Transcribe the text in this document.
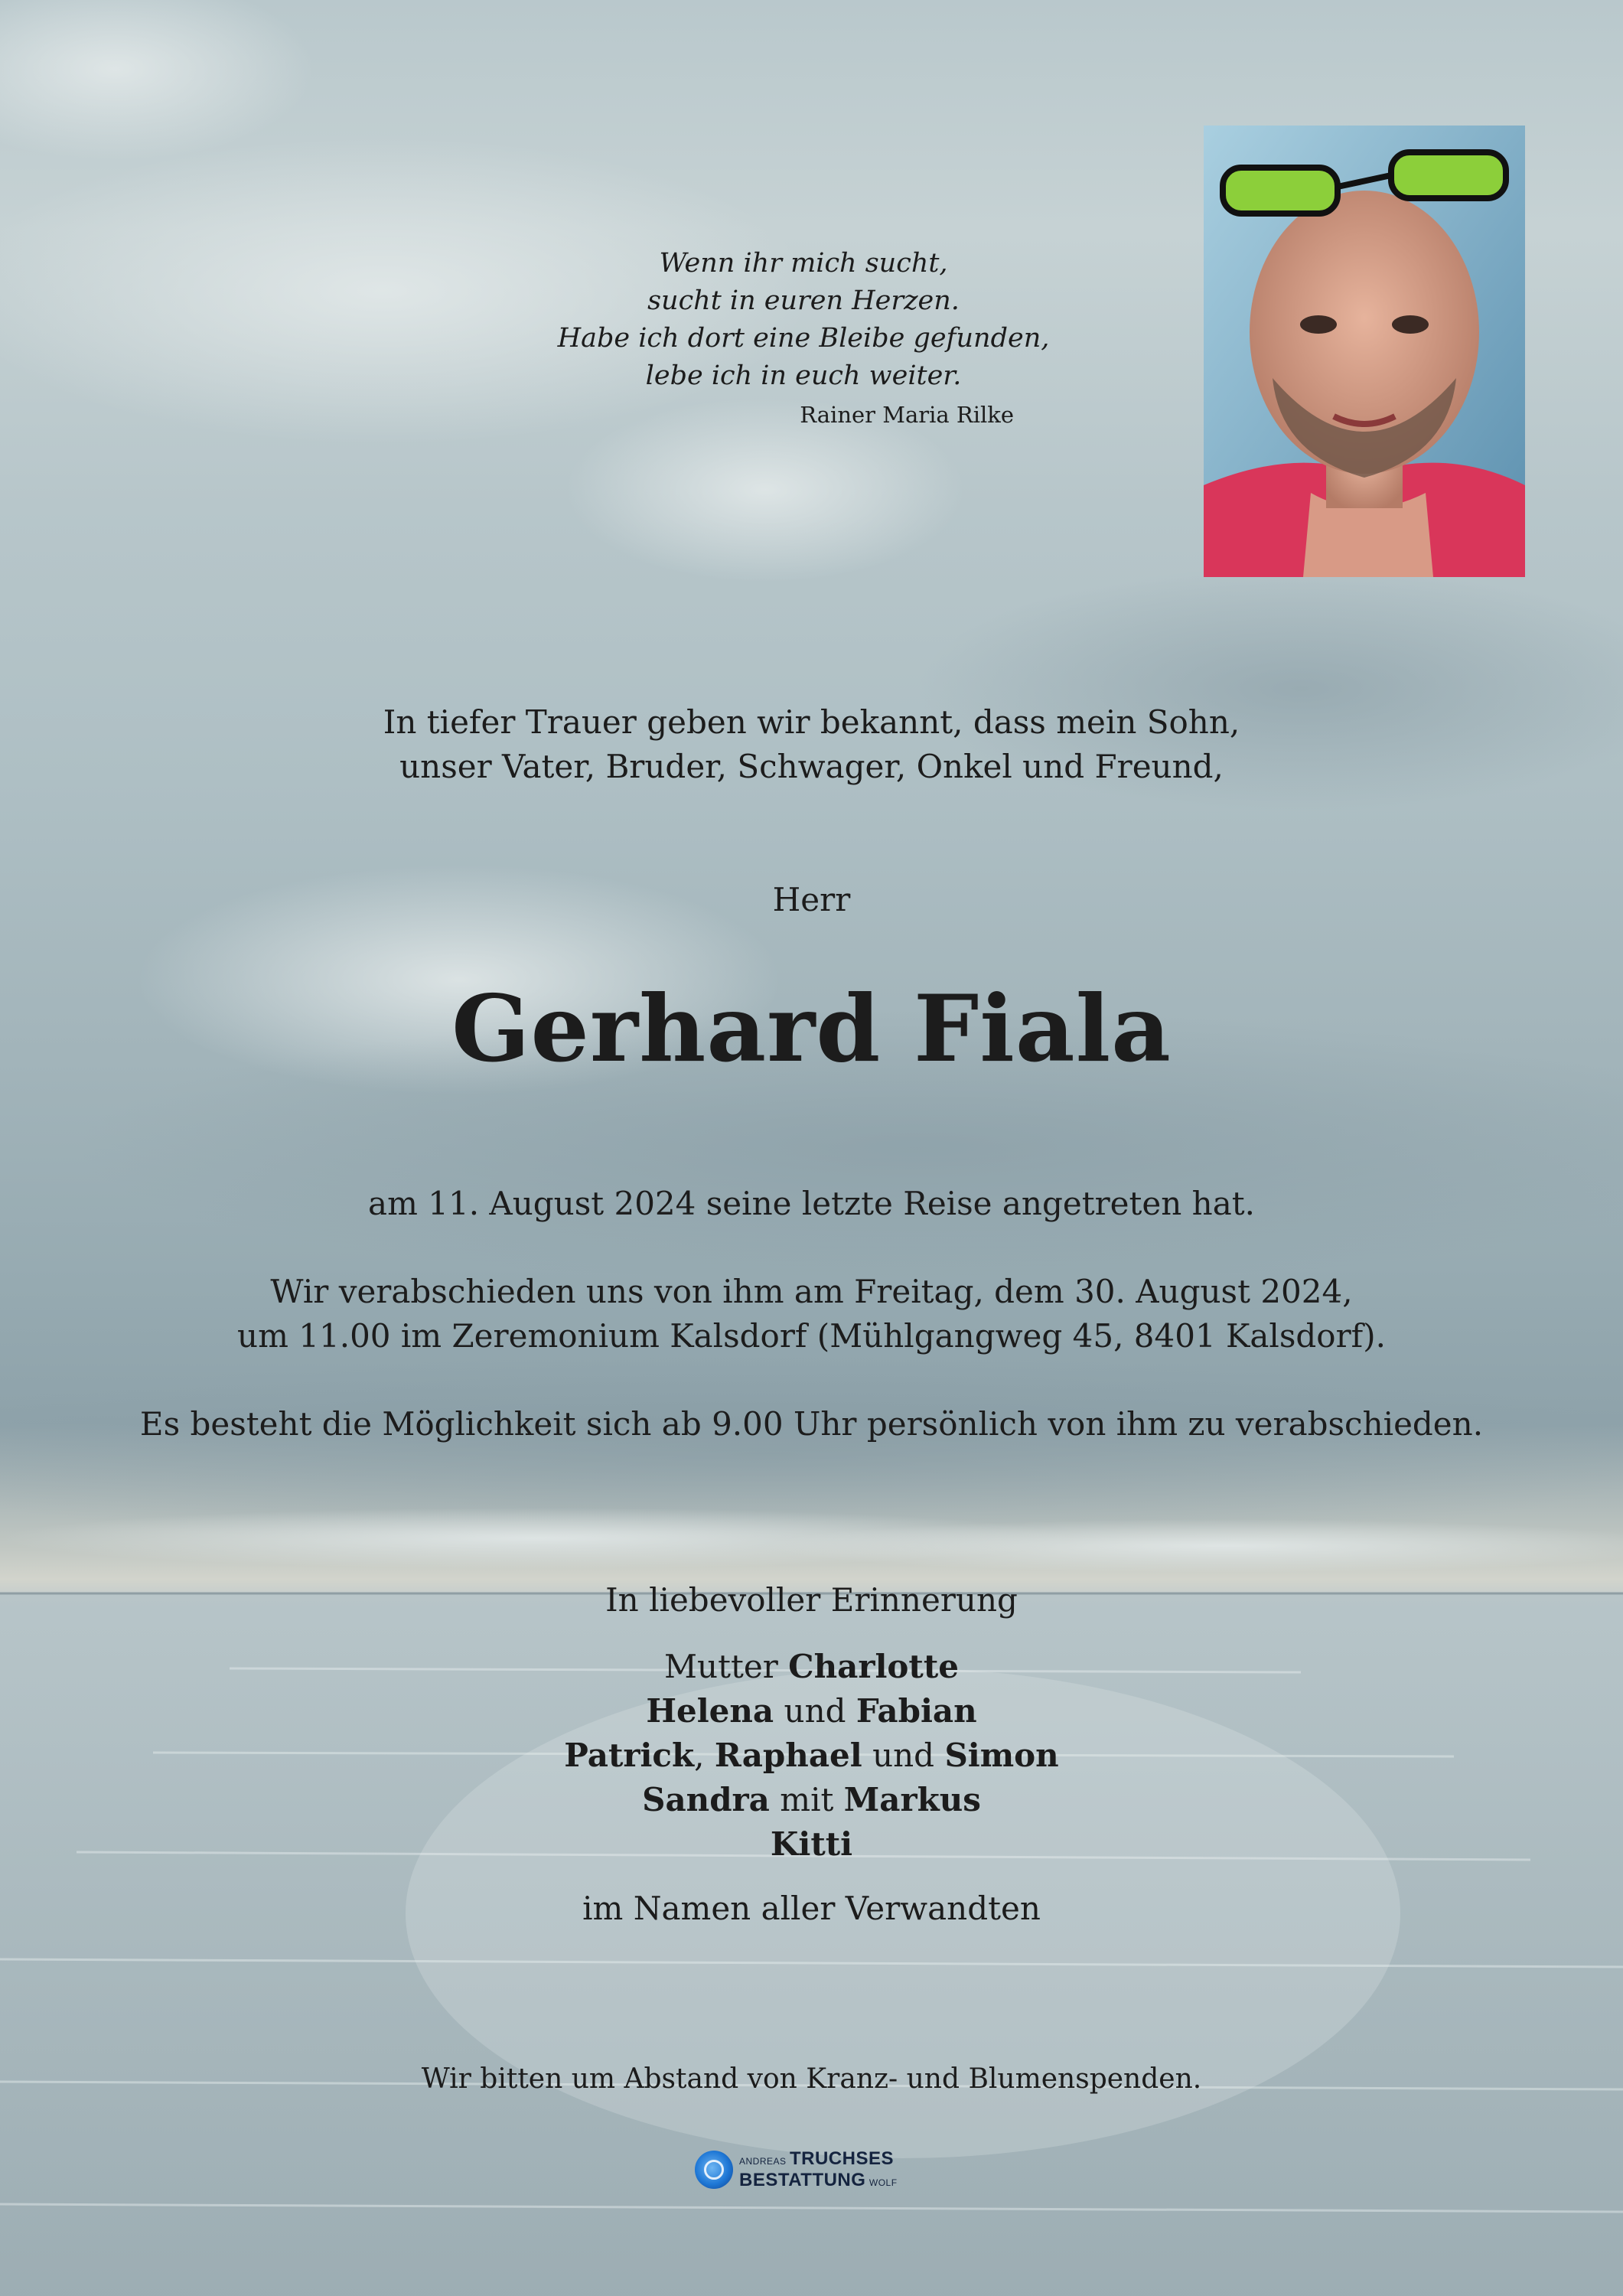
Wenn ihr mich sucht,
sucht in euren Herzen.
Habe ich dort eine Bleibe gefunden,
lebe ich in euch weiter.
Rainer Maria Rilke
In tiefer Trauer geben wir bekannt, dass mein Sohn,
unser Vater, Bruder, Schwager, Onkel und Freund,
Herr
Gerhard Fiala
am 11. August 2024 seine letzte Reise angetreten hat.
Wir verabschieden uns von ihm am Freitag, dem 30. August 2024,
um 11.00 im Zeremonium Kalsdorf (Mühlgangweg 45, 8401 Kalsdorf).
Es besteht die Möglichkeit sich ab 9.00 Uhr persönlich von ihm zu verabschieden.
In liebevoller Erinnerung
Mutter Charlotte
Helena und Fabian
Patrick, Raphael und Simon
Sandra mit Markus
Kitti
im Namen aller Verwandten
Wir bitten um Abstand von Kranz- und Blumenspenden.
ANDREAS TRUCHSES
BESTATTUNG WOLF
